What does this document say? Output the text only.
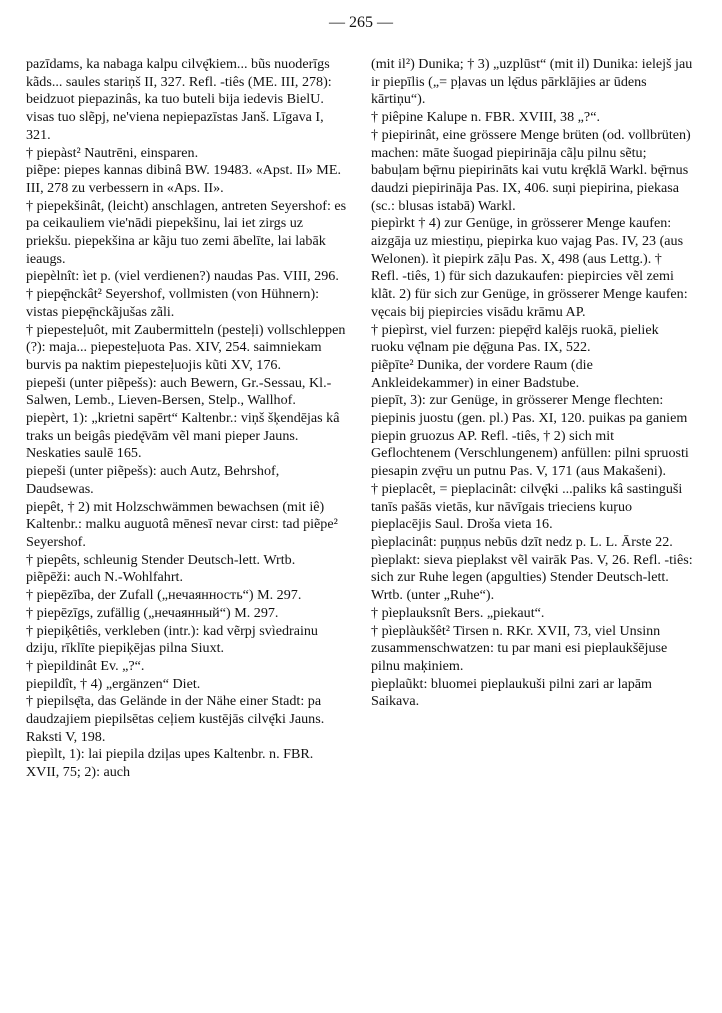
— 265 —

pazīdams, ka nabaga kalpu cilvę̄kiem... bũs nuoderīgs kãds... saules stariņš II, 327. Refl. -tiês (ME. III, 278): beidzuot piepazinâs, ka tuo buteli bija iedevis BielU. visas tuo slẽpj, ne'viena nepiepazīstas Janš. Līgava I, 321.

† piepàst² Nautrēni, einsparen.

piẽpe: piepes kannas dibinâ BW. 19483. «Apst. II» ME. III, 278 zu verbessern in «Aps. II».

† piepekšinât, (leicht) anschlagen, antreten Seyershof: es pa ceikauliem vie'nādi piepekšinu, lai iet zirgs uz priekšu. piepekšina ar kãju tuo zemi ābelīte, lai labāk ieaugs.

piepèlnît: ìet p. (viel verdienen?) naudas Pas. VIII, 296.

† piepę̄nckât² Seyershof, vollmisten (von Hühnern): vistas piepę̄nckãjušas zãli.

† piepesteļuôt, mit Zaubermitteln (pesteļi) vollschleppen (?): maja... piepesteļuota Pas. XIV, 254. saimniekam burvis pa naktim piepesteļuojis kũti XV, 176.

piepeši (unter piẽpešs): auch Bewern, Gr.-Sessau, Kl.-Salwen, Lemb., Lieven-Bersen, Stelp., Wallhof.

piepèrt, 1): „krietni sapērt“ Kaltenbr.: viņš šķendējas kâ traks un beigâs piedę̄vām vẽl mani pieper Jauns. Neskaties saulē 165.

piepeši (unter piẽpešs): auch Autz, Behrshof, Daudsewas.

piepêt, † 2) mit Holzschwämmen bewachsen (mit iê) Kaltenbr.: malku auguotâ mēnesī nevar cirst: tad piẽpe² Seyershof.

† piepêts, schleunig Stender Deutsch-lett. Wrtb.

piẽpēži: auch N.-Wohlfahrt.

† piepēzība, der Zufall („нечаянность“) M. 297.

† piepēzīgs, zufällig („нечаянный“) M. 297.

† piepiķêtiês, verkleben (intr.): kad vẽrpj svìedrainu dziju, rīklīte piepiķējas pilna Siuxt.

† pìepildinât Ev. „?“.

piepildît, † 4) „ergänzen“ Diet.

† piepilsę̄ta, das Gelände in der Nähe einer Stadt: pa daudzajiem piepilsētas ceļiem kustējās cilvę̄ki Jauns. Raksti V, 198.

pìepìlt, 1): lai piepila dziļas upes Kaltenbr. n. FBR. XVII, 75; 2): auch

(mit il²) Dunika; † 3) „uzplūst“ (mit il) Dunika: ielejš jau ir piepīlis („= pļavas un lę̄dus pārklājies ar ūdens kārtiņu“).

† piêpine Kalupe n. FBR. XVIII, 38 „?“.

† piepirinât, eine grössere Menge brüten (od. vollbrüten) machen: māte šuogad piepirināja cãļu pilnu sẽtu; babuļam bę̄rnu piepirināts kai vutu krę̄klā Warkl. bę̄rnus daudzi piepirināja Pas. IX, 406. suņi piepirina, piekasa (sc.: blusas istabā) Warkl.

piepìrkt † 4) zur Genüge, in grösserer Menge kaufen: aizgāja uz miestiņu, piepirka kuo vajag Pas. IV, 23 (aus Welonen). ìt piepirk zāļu Pas. X, 498 (aus Lettg.). † Refl. -tiês, 1) für sich dazukaufen: piepircies vẽl zemi klãt. 2) für sich zur Genüge, in grösserer Menge kaufen: vęcais bij piepircies visādu krāmu AP.

† piepìrst, viel furzen: piepę̄rd kalējs ruokā, pieliek ruoku vę̄lnam pie dę̄guna Pas. IX, 522.

piẽpīte² Dunika, der vordere Raum (die Ankleidekammer) in einer Badstube.

piepīt, 3): zur Genüge, in grösserer Menge flechten: piepinis juostu (gen. pl.) Pas. XI, 120. puikas pa ganiem piepin gruozus AP. Refl. -tiês, † 2) sich mit Geflochtenem (Verschlungenem) anfüllen: pilni spruosti piesapin zvę̄ru un putnu Pas. V, 171 (aus Makašeni).

† pieplacêt, = pieplacinât: cilvę̄ki ...paliks kâ sastinguši tanīs pašās vietās, kur nāvīgais trieciens kuŗuo pieplacējis Saul. Droša vieta 16.

pìeplacinât: puņņus nebūs dzīt nedz p. L. L. Ārste 22.

pìeplakt: sieva pieplakst vẽl vairāk Pas. V, 26. Refl. -tiês: sich zur Ruhe legen (apgulties) Stender Deutsch-lett. Wrtb. (unter „Ruhe“).

† pìeplauksnît Bers. „piekaut“.

† pìeplàukšêt² Tirsen n. RKr. XVII, 73, viel Unsinn zusammenschwatzen: tu par mani esi pieplaukšējuse pilnu maķiniem.

pìeplaũkt: bluomei pieplaukuši pilni zari ar lapām Saikava.
